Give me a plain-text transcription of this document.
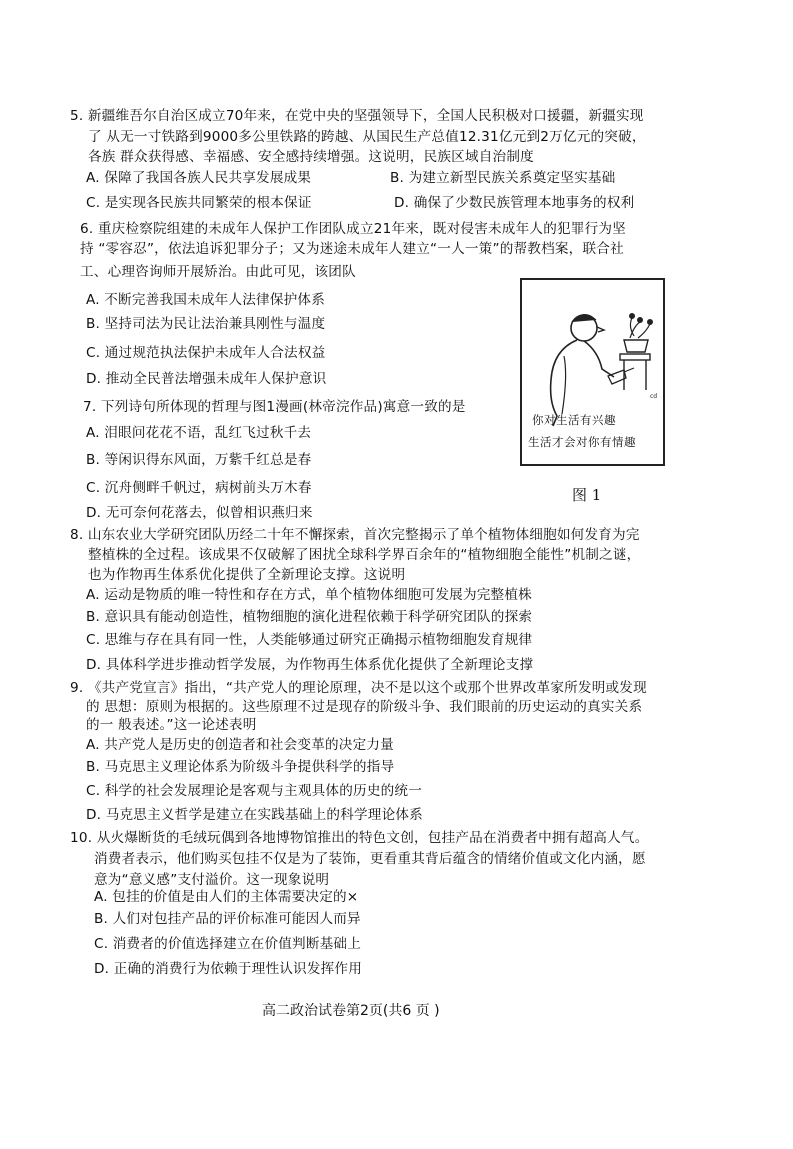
5. 新疆维吾尔自治区成立70年来，在党中央的坚强领导下，全国人民积极对口援疆，新疆实现
了 从无一寸铁路到9000多公里铁路的跨越、从国民生产总值12.31亿元到2万亿元的突破，
各族 群众获得感、幸福感、安全感持续增强。这说明，民族区域自治制度
A. 保障了我国各族人民共享发展成果	B. 为建立新型民族关系奠定坚实基础
C. 是实现各民族共同繁荣的根本保证	D. 确保了少数民族管理本地事务的权利
6. 重庆检察院组建的未成年人保护工作团队成立21年来，既对侵害未成年人的犯罪行为坚
持 “零容忍”，依法追诉犯罪分子；又为迷途未成年人建立“一人一策”的帮教档案，联合社
工、心理咨询师开展矫治。由此可见，该团队
A. 不断完善我国未成年人法律保护体系
B. 坚持司法为民让法治兼具刚性与温度
C. 通过规范执法保护未成年人合法权益
D. 推动全民普法增强未成年人保护意识
7. 下列诗句所体现的哲理与图1漫画(林帝浣作品)寓意一致的是
A. 泪眼问花花不语，乱红飞过秋千去
B. 等闲识得东风面，万紫千红总是春
C. 沉舟侧畔千帆过，病树前头万木春
D. 无可奈何花落去，似曾相识燕归来
cd
你对生活有兴趣
生活才会对你有情趣
图 1
8. 山东农业大学研究团队历经二十年不懈探索，首次完整揭示了单个植物体细胞如何发育为完
整植株的全过程。该成果不仅破解了困扰全球科学界百余年的“植物细胞全能性”机制之谜，
也为作物再生体系优化提供了全新理论支撑。这说明
A. 运动是物质的唯一特性和存在方式，单个植物体细胞可发展为完整植株
B. 意识具有能动创造性，植物细胞的演化进程依赖于科学研究团队的探索
C. 思维与存在具有同一性，人类能够通过研究正确揭示植物细胞发育规律
D. 具体科学进步推动哲学发展，为作物再生体系优化提供了全新理论支撑
9. 《共产党宣言》指出，“共产党人的理论原理，决不是以这个或那个世界改革家所发明或发现
的 思想：原则为根据的。这些原理不过是现存的阶级斗争、我们眼前的历史运动的真实关系
的一 般表述。”这一论述表明
A. 共产党人是历史的创造者和社会变革的决定力量
B. 马克思主义理论体系为阶级斗争提供科学的指导
C. 科学的社会发展理论是客观与主观具体的历史的统一
D. 马克思主义哲学是建立在实践基础上的科学理论体系
10. 从火爆断货的毛绒玩偶到各地博物馆推出的特色文创，包挂产品在消费者中拥有超高人气。
消费者表示，他们购买包挂不仅是为了装饰，更看重其背后蕴含的情绪价值或文化内涵，愿
意为“意义感”支付溢价。这一现象说明
A. 包挂的价值是由人们的主体需要决定的×
B. 人们对包挂产品的评价标准可能因人而异
C. 消费者的价值选择建立在价值判断基础上
D. 正确的消费行为依赖于理性认识发挥作用
高二政治试卷第2页(共6 页 )
